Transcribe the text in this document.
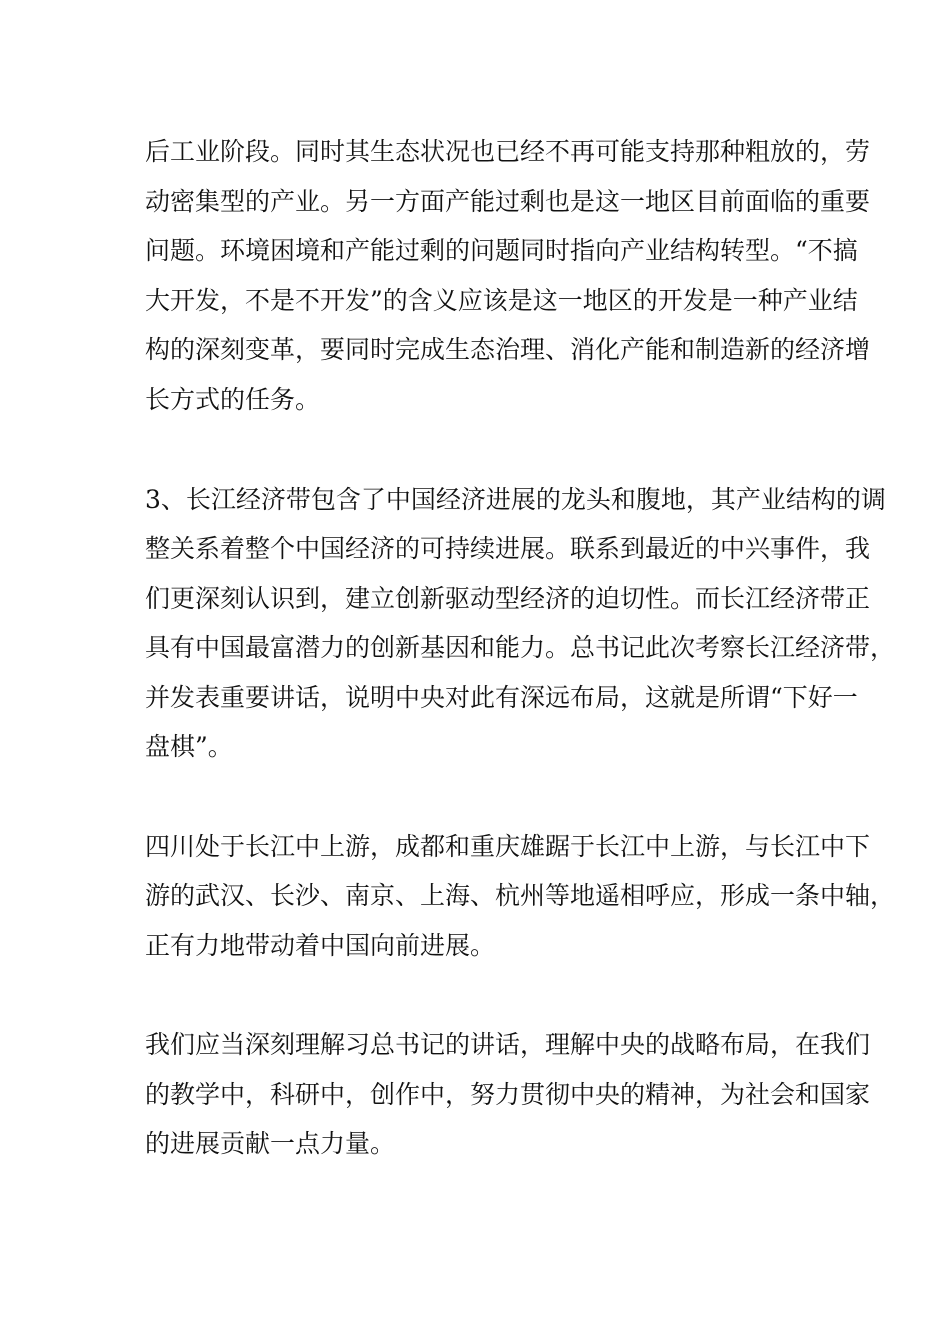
后工业阶段。同时其生态状况也已经不再可能支持那种粗放的，劳
动密集型的产业。另一方面产能过剩也是这一地区目前面临的重要
问题。环境困境和产能过剩的问题同时指向产业结构转型。“不搞
大开发，不是不开发”的含义应该是这一地区的开发是一种产业结
构的深刻变革，要同时完成生态治理、消化产能和制造新的经济增
长方式的任务。
3、长江经济带包含了中国经济进展的龙头和腹地，其产业结构的调
整关系着整个中国经济的可持续进展。联系到最近的中兴事件，我
们更深刻认识到，建立创新驱动型经济的迫切性。而长江经济带正
具有中国最富潜力的创新基因和能力。总书记此次考察长江经济带，
并发表重要讲话，说明中央对此有深远布局，这就是所谓“下好一
盘棋”。
四川处于长江中上游，成都和重庆雄踞于长江中上游，与长江中下
游的武汉、长沙、南京、上海、杭州等地遥相呼应，形成一条中轴，
正有力地带动着中国向前进展。
我们应当深刻理解习总书记的讲话，理解中央的战略布局，在我们
的教学中，科研中，创作中，努力贯彻中央的精神，为社会和国家
的进展贡献一点力量。
